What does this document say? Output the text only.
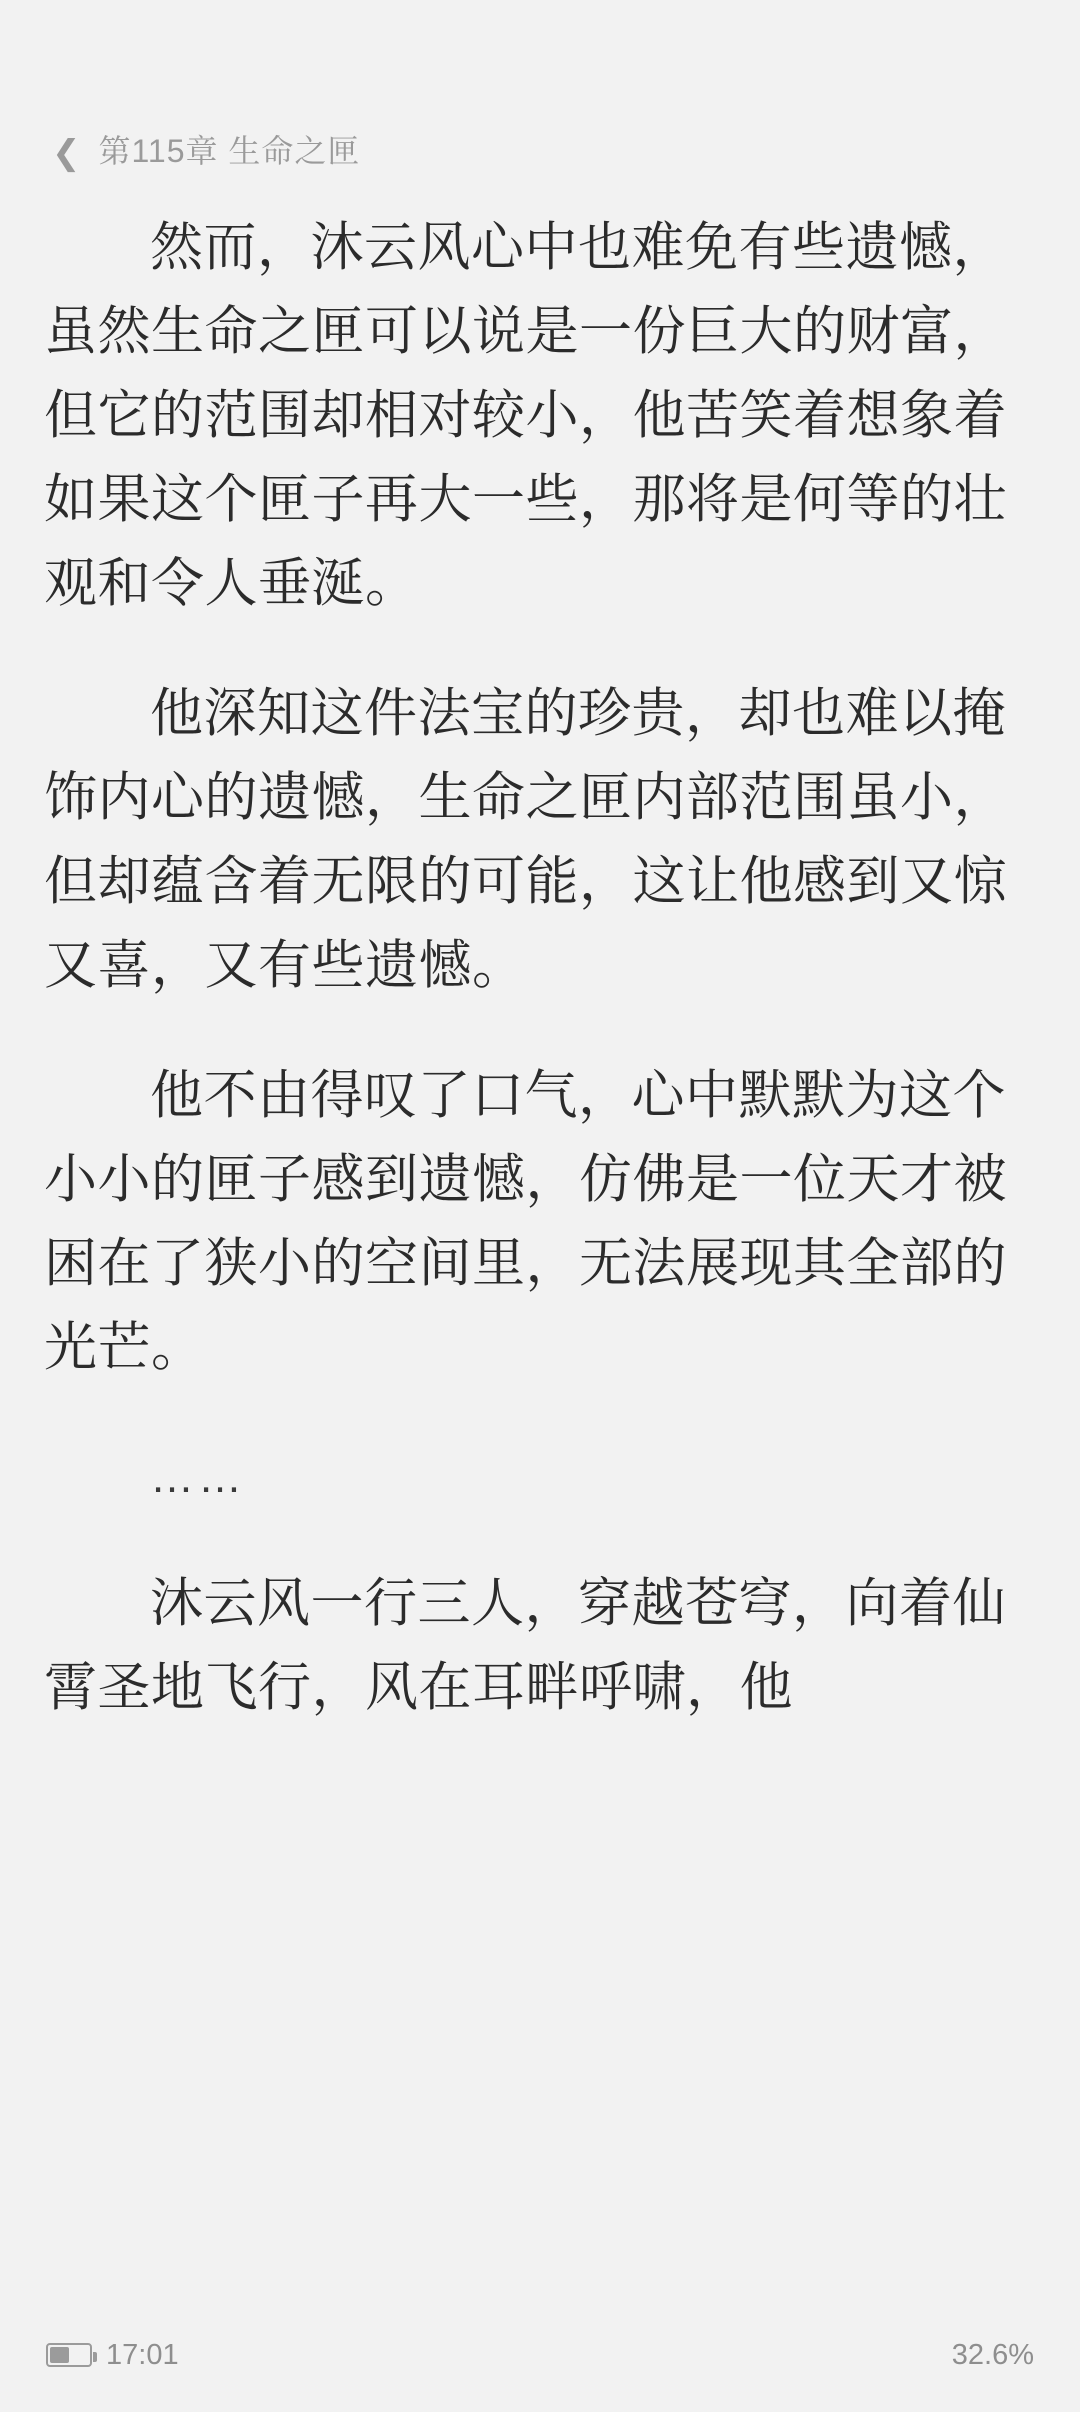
❮ 第115章 生命之匣

然而，沐云风心中也难免有些遗憾，虽然生命之匣可以说是一份巨大的财富，但它的范围却相对较小，他苦笑着想象着如果这个匣子再大一些，那将是何等的壮观和令人垂涎。

他深知这件法宝的珍贵，却也难以掩饰内心的遗憾，生命之匣内部范围虽小，但却蕴含着无限的可能，这让他感到又惊又喜，又有些遗憾。

他不由得叹了口气，心中默默为这个小小的匣子感到遗憾，仿佛是一位天才被困在了狭小的空间里，无法展现其全部的光芒。

……

沐云风一行三人，穿越苍穹，向着仙霄圣地飞行，风在耳畔呼啸，他

17:01	32.6%
